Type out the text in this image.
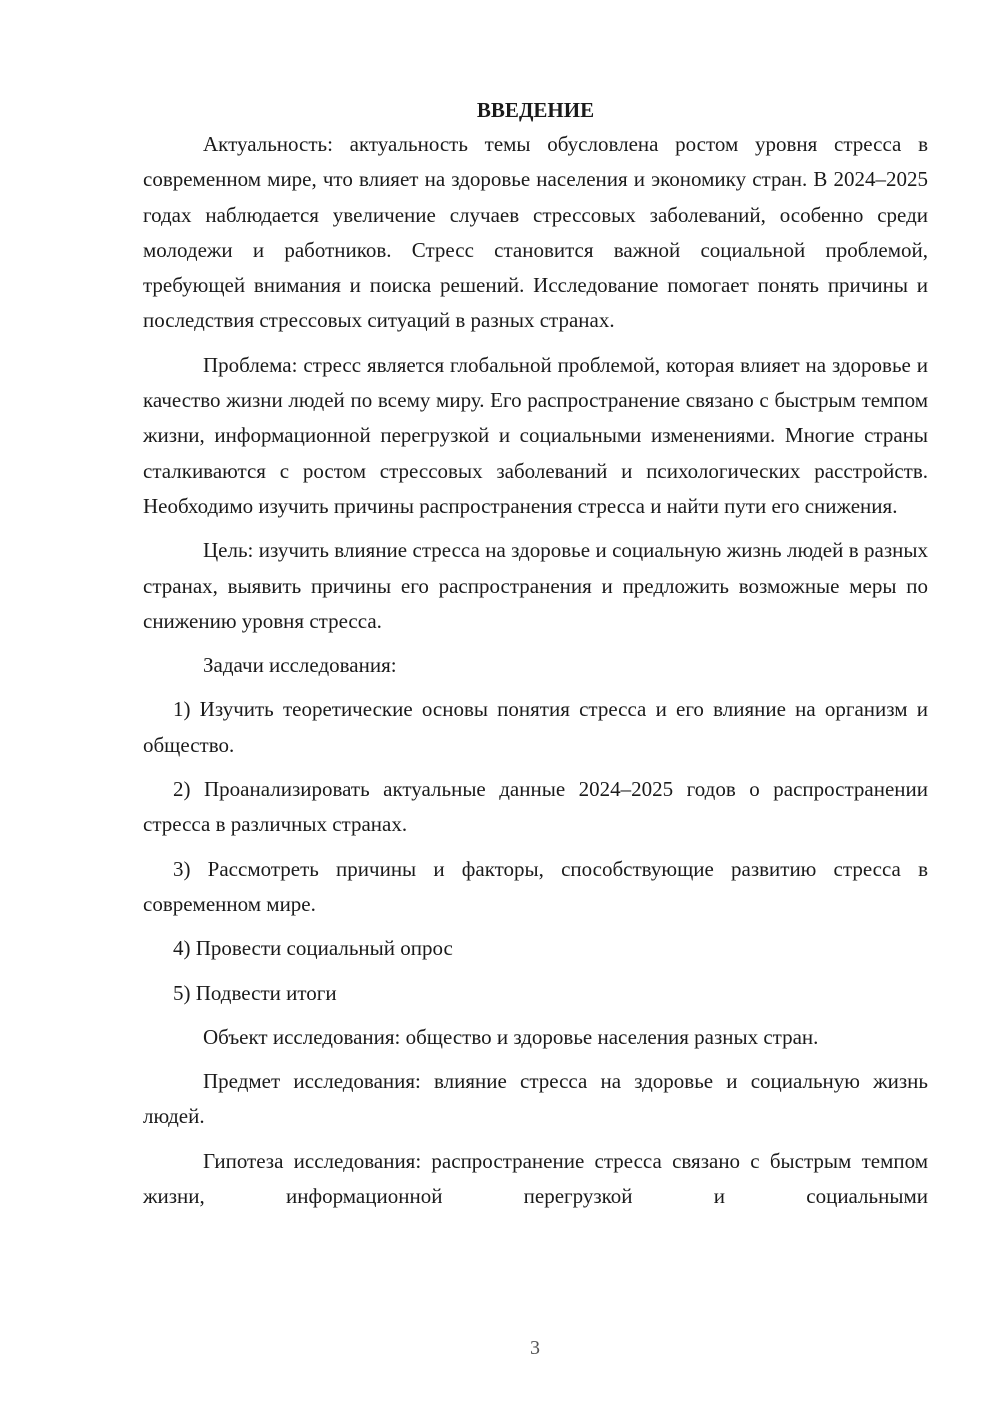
ВВЕДЕНИЕ

Актуальность: актуальность темы обусловлена ростом уровня стресса в современном мире, что влияет на здоровье населения и экономику стран. В 2024–2025 годах наблюдается увеличение случаев стрессовых заболеваний, особенно среди молодежи и работников. Стресс становится важной социальной проблемой, требующей внимания и поиска решений. Исследование помогает понять причины и последствия стрессовых ситуаций в разных странах.

Проблема: стресс является глобальной проблемой, которая влияет на здоровье и качество жизни людей по всему миру. Его распространение связано с быстрым темпом жизни, информационной перегрузкой и социальными изменениями. Многие страны сталкиваются с ростом стрессовых заболеваний и психологических расстройств. Необходимо изучить причины распространения стресса и найти пути его снижения.

Цель: изучить влияние стресса на здоровье и социальную жизнь людей в разных странах, выявить причины его распространения и предложить возможные меры по снижению уровня стресса.

Задачи исследования:

1) Изучить теоретические основы понятия стресса и его влияние на организм и общество.

2) Проанализировать актуальные данные 2024–2025 годов о распространении стресса в различных странах.

3) Рассмотреть причины и факторы, способствующие развитию стресса в современном мире.

4) Провести социальный опрос

5) Подвести итоги

Объект исследования: общество и здоровье населения разных стран.

Предмет исследования: влияние стресса на здоровье и социальную жизнь людей.

Гипотеза исследования: распространение стресса связано с быстрым темпом жизни, информационной перегрузкой и социальными

3
